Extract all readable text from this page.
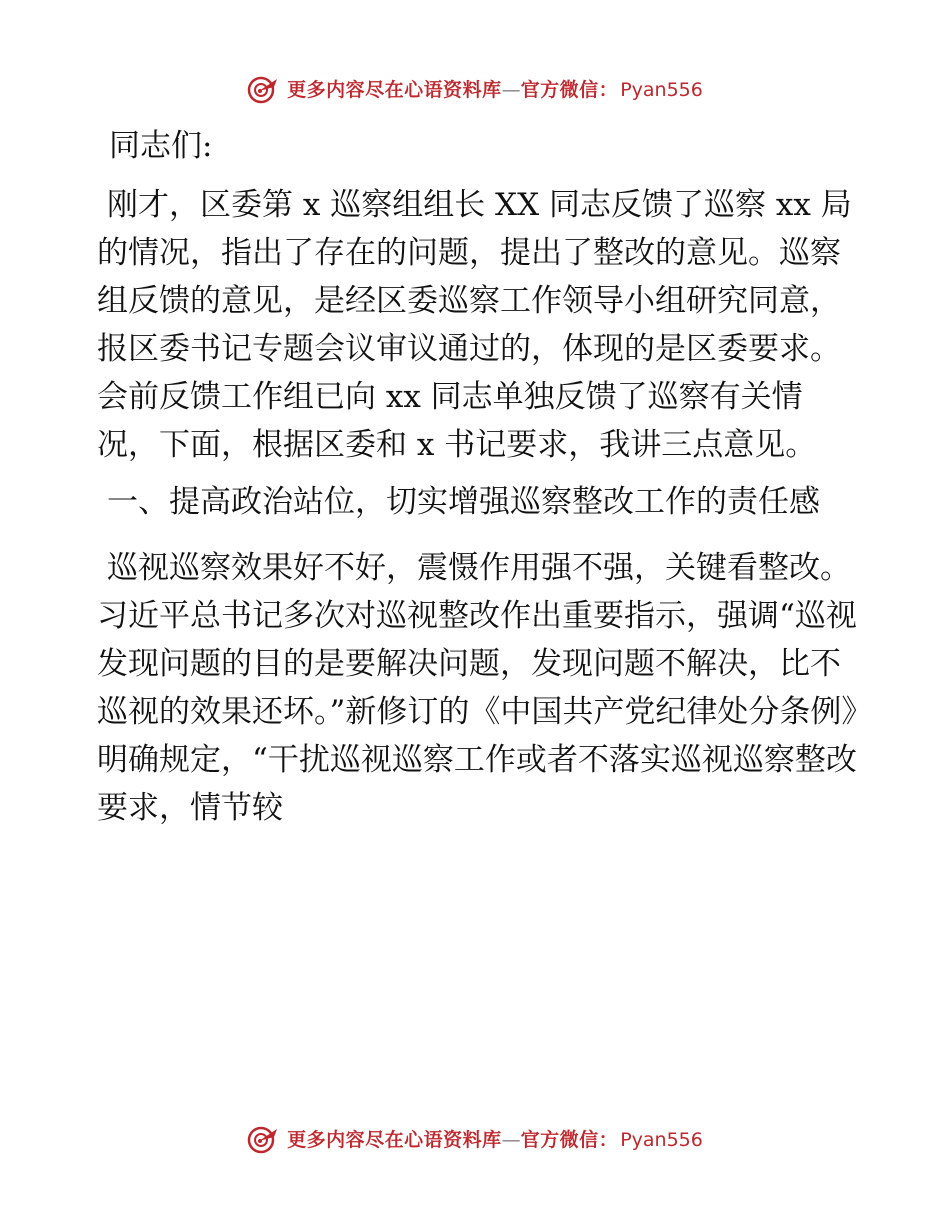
更多内容尽在心语资料库 — 官方微信： Pyan556

同志们:

刚才，区委第 x 巡察组组长 XX 同志反馈了巡察 xx 局的情况，指出了存在的问题，提出了整改的意见。巡察组反馈的意见，是经区委巡察工作领导小组研究同意，报区委书记专题会议审议通过的，体现的是区委要求。会前反馈工作组已向 xx 同志单独反馈了巡察有关情况，下面，根据区委和 x 书记要求，我讲三点意见。

一、提高政治站位，切实增强巡察整改工作的责任感

巡视巡察效果好不好，震慑作用强不强，关键看整改。习近平总书记多次对巡视整改作出重要指示，强调“巡视发现问题的目的是要解决问题，发现问题不解决，比不巡视的效果还坏。”新修订的《中国共产党纪律处分条例》明确规定，“干扰巡视巡察工作或者不落实巡视巡察整改要求，情节较

更多内容尽在心语资料库 — 官方微信： Pyan556
